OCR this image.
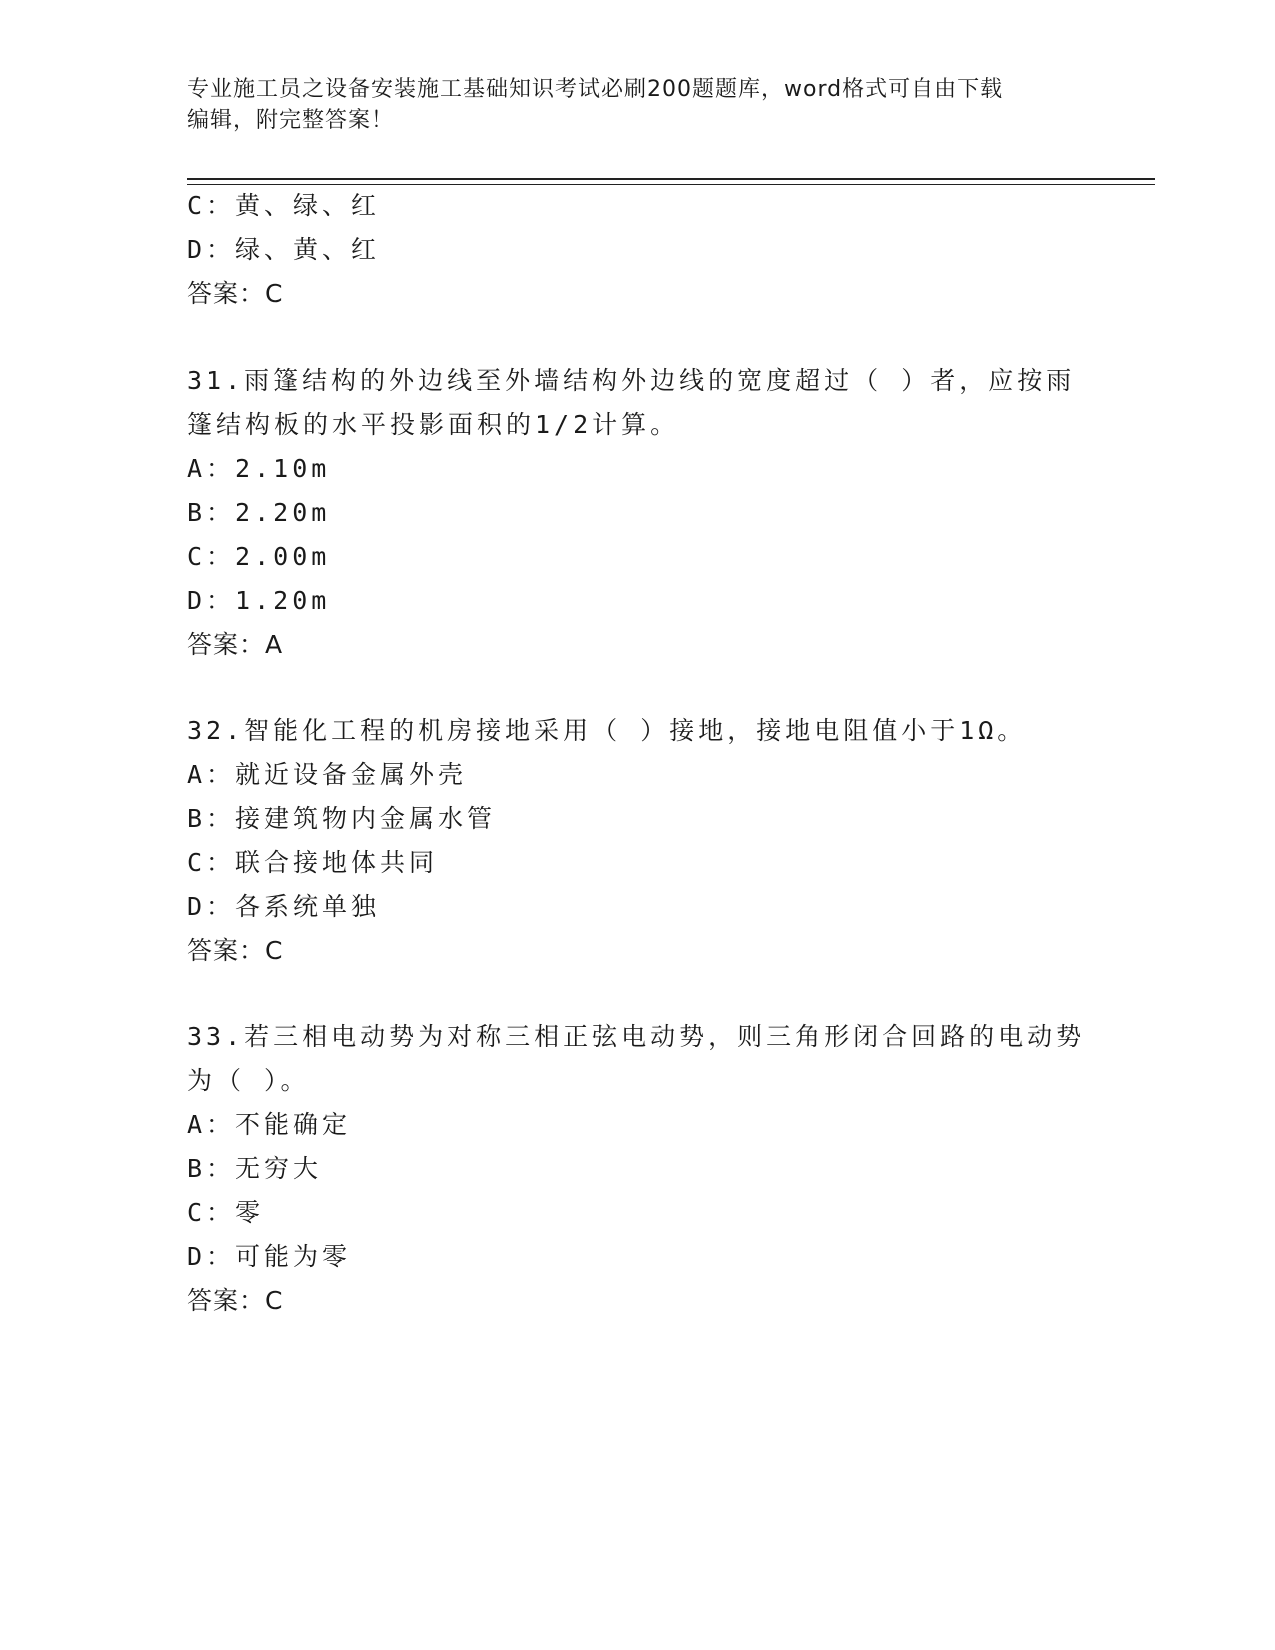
专业施工员之设备安装施工基础知识考试必刷200题题库，word格式可自由下载
编辑，附完整答案！
C：黄、绿、红
D：绿、黄、红
答案：C
31.雨篷结构的外边线至外墙结构外边线的宽度超过（ ）者，应按雨
篷结构板的水平投影面积的1/2计算。
A：2.10m
B：2.20m
C：2.00m
D：1.20m
答案：A
32.智能化工程的机房接地采用（ ）接地，接地电阻值小于1Ω。
A：就近设备金属外壳
B：接建筑物内金属水管
C：联合接地体共同
D：各系统单独
答案：C
33.若三相电动势为对称三相正弦电动势，则三角形闭合回路的电动势
为（ ）。
A：不能确定
B：无穷大
C：零
D：可能为零
答案：C
